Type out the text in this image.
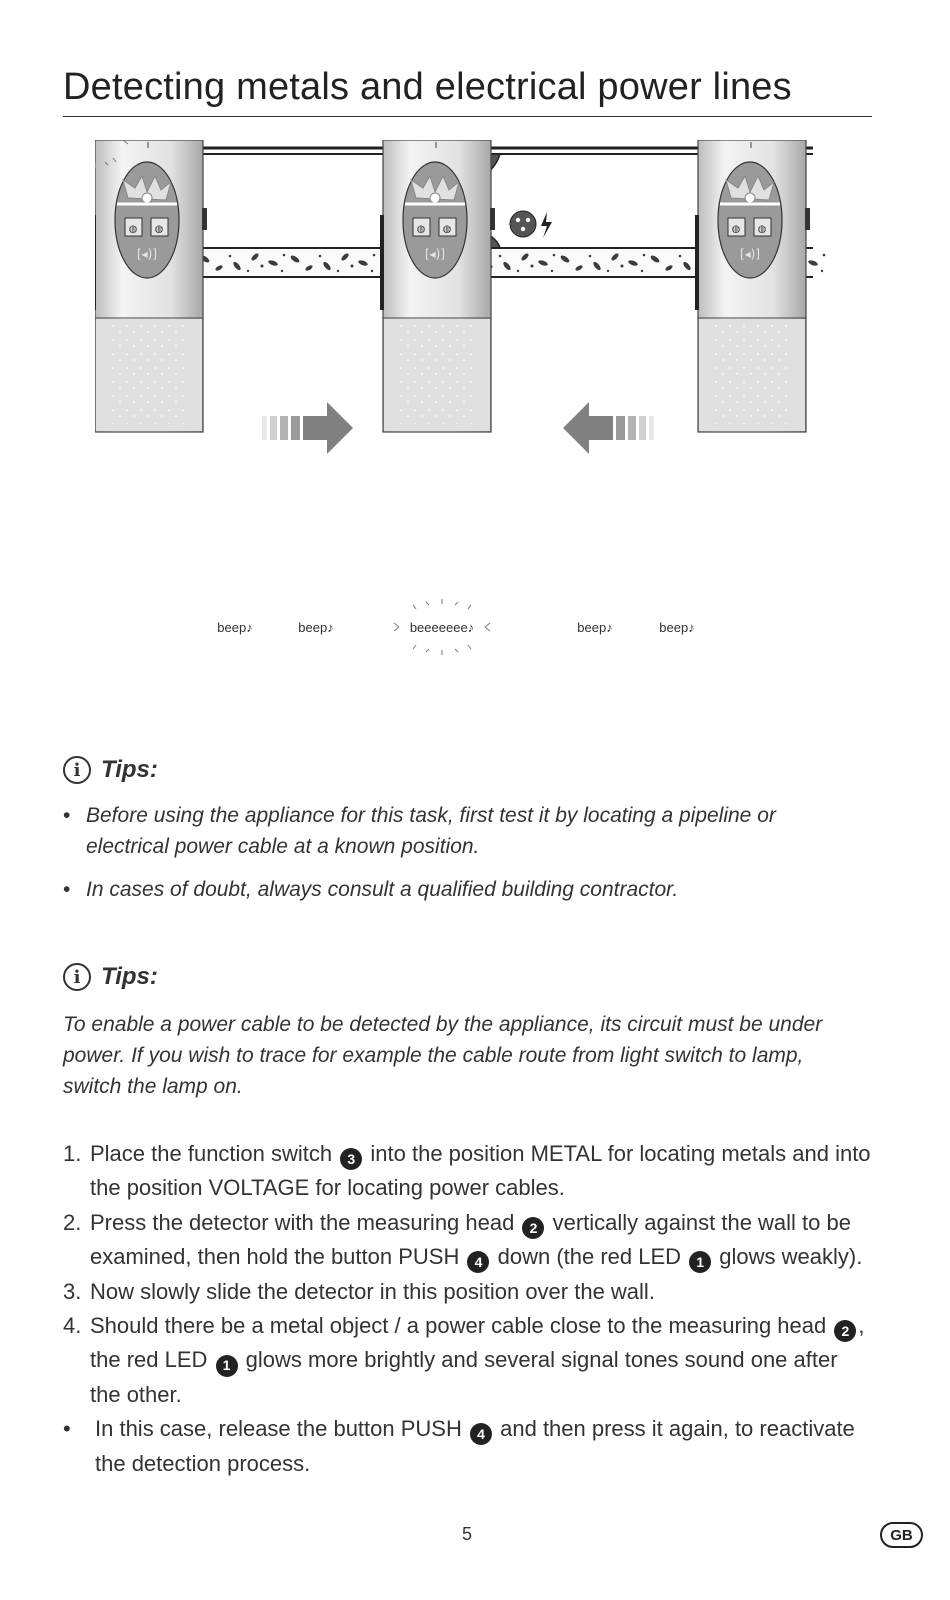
Detecting metals and electrical power lines
◍ ◍
[◂)]
beep♪	beep♪	beeeeeee♪	beep♪	beep♪
i Tips:
• Before using the appliance for this task, first test it by locating a pipeline or electrical power cable at a known position.
• In cases of doubt, always consult a qualified building contractor.
i Tips:

To enable a power cable to be detected by the appliance, its circuit must be under power. If you wish to trace for example the cable route from light switch to lamp, switch the lamp on.

1. Place the function switch 3 into the position METAL for locating metals and into the position VOLTAGE for locating power cables.
2. Press the detector with the measuring head 2 vertically against the wall to be examined, then hold the button PUSH 4 down (the red LED 1 glows weakly).
3. Now slowly slide the detector in this position over the wall.
4. Should there be a metal object / a power cable close to the measuring head 2 , the red LED 1 glows more brightly and several signal tones sound one after the other.
• In this case, release the button PUSH 4 and then press it again, to reactivate the detection process.
5	GB
